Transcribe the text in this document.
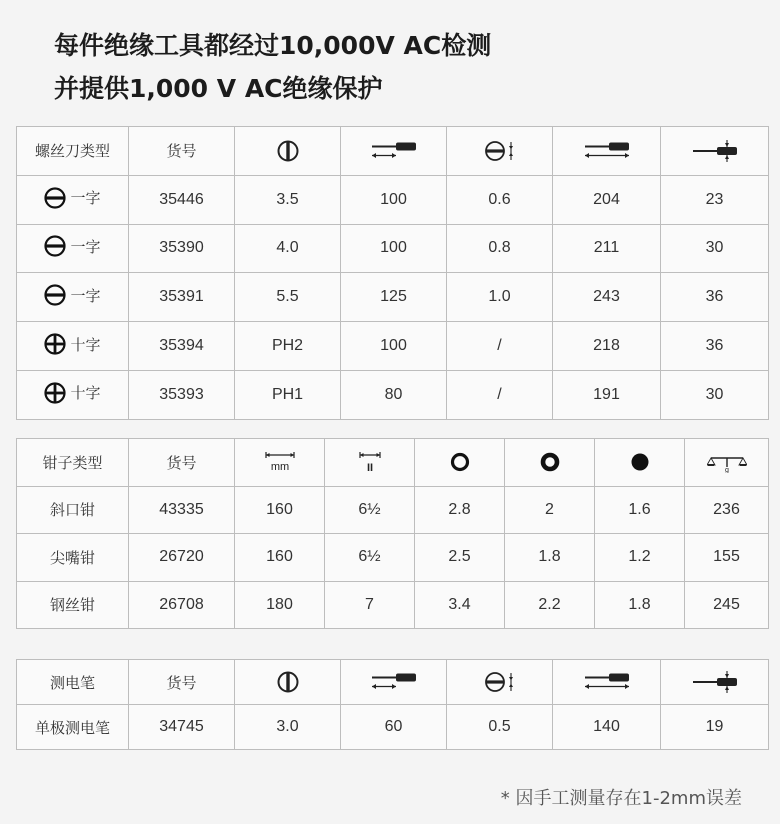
每件绝缘工具都经过10,000V AC检测
并提供1,000 V AC绝缘保护
螺丝刀类型	货号					

一字	35446	3.5	100	0.6	204	23

一字	35390	4.0	100	0.8	211	30

一字	35391	5.5	125	1.0	243	36

十字	35394	PH2	100	/	218	36

十字	35393	PH1	80	/	191	30
钳子类型	货号	mm	II				g

斜口钳	43335	160	6½	2.8	2	1.6	236
尖嘴钳	26720	160	6½	2.5	1.8	1.2	155
钢丝钳	26708	180	7	3.4	2.2	1.8	245
测电笔	货号					
单极测电笔	34745	3.0	60	0.5	140	19
* 因手工测量存在1-2mm误差
